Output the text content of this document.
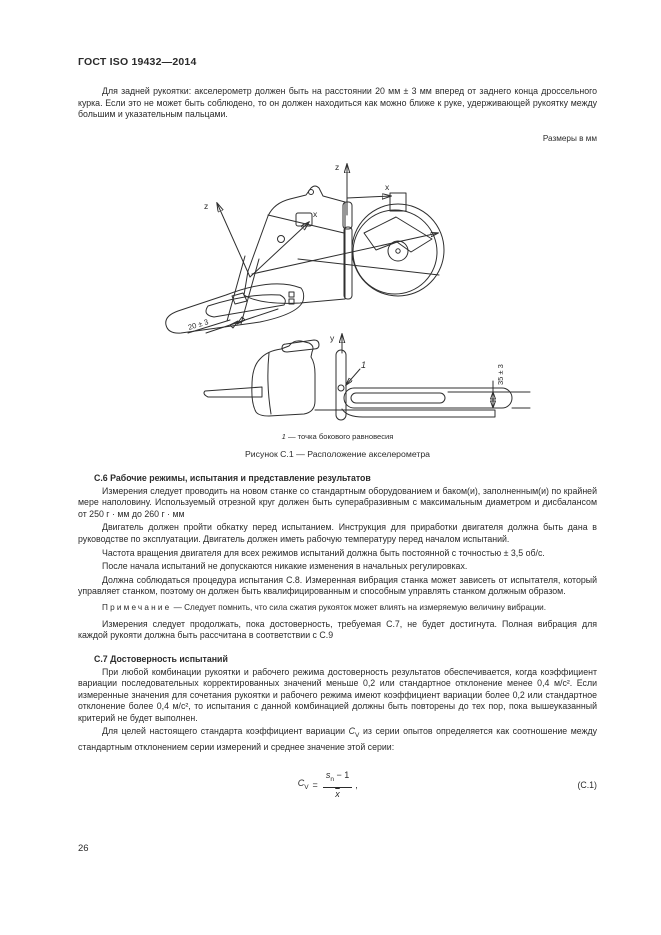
ГОСТ ISO 19432—2014

Для задней рукоятки: акселерометр должен быть на расстоянии 20 мм ± 3 мм вперед от заднего конца дроссельного курка. Если это не может быть соблюдено, то он должен находиться как можно ближе к руке, удерживающей рукоятку между большим и указательным пальцами.

Размеры в мм
z
x
z
x
20 ± 3
y
1	35 ± 3
1 — точка бокового равновесия
Рисунок С.1 — Расположение акселерометра
С.6 Рабочие режимы, испытания и представление результатов

Измерения следует проводить на новом станке со стандартным оборудованием и баком(и), заполненным(и) по крайней мере наполовину. Используемый отрезной круг должен быть суперабразивным с максимальным диаметром и дисбалансом от 250 г · мм до 260 г · мм

Двигатель должен пройти обкатку перед испытанием. Инструкция для приработки двигателя должна быть дана в руководстве по эксплуатации. Двигатель должен иметь рабочую температуру перед началом испытаний.

Частота вращения двигателя для всех режимов испытаний должна быть постоянной с точностью ± 3,5 об/с.

После начала испытаний не допускаются никакие изменения в начальных регулировках.

Должна соблюдаться процедура испытания С.8. Измеренная вибрация станка может зависеть от испытателя, который управляет станком, поэтому он должен быть квалифицированным и способным управлять станком должным образом.

Примечание — Следует помнить, что сила сжатия рукояток может влиять на измеряемую величину вибрации.

Измерения следует продолжать, пока достоверность, требуемая С.7, не будет достигнута. Полная вибрация для каждой рукояти должна быть рассчитана в соответствии с С.9

С.7 Достоверность испытаний

При любой комбинации рукоятки и рабочего режима достоверность результатов обеспечивается, когда коэффициент вариации последовательных корректированных значений меньше 0,2 или стандартное отклонение менее 0,4 м/с². Если измеренные значения для сочетания рукоятки и рабочего режима имеют коэффициент вариации более 0,2 или стандартное отклонение более 0,4 м/с², то испытания с данной комбинацией должны быть повторены до тех пор, пока вышеуказанный критерий не будет выполнен.

Для целей настоящего стандарта коэффициент вариации $C_V$ из серии опытов определяется как соотношение между стандартным отклонением серии измерений и среднее значение этой серии:

$C_V = \frac{s_n - 1}{x}$ ,	(С.1)
26
